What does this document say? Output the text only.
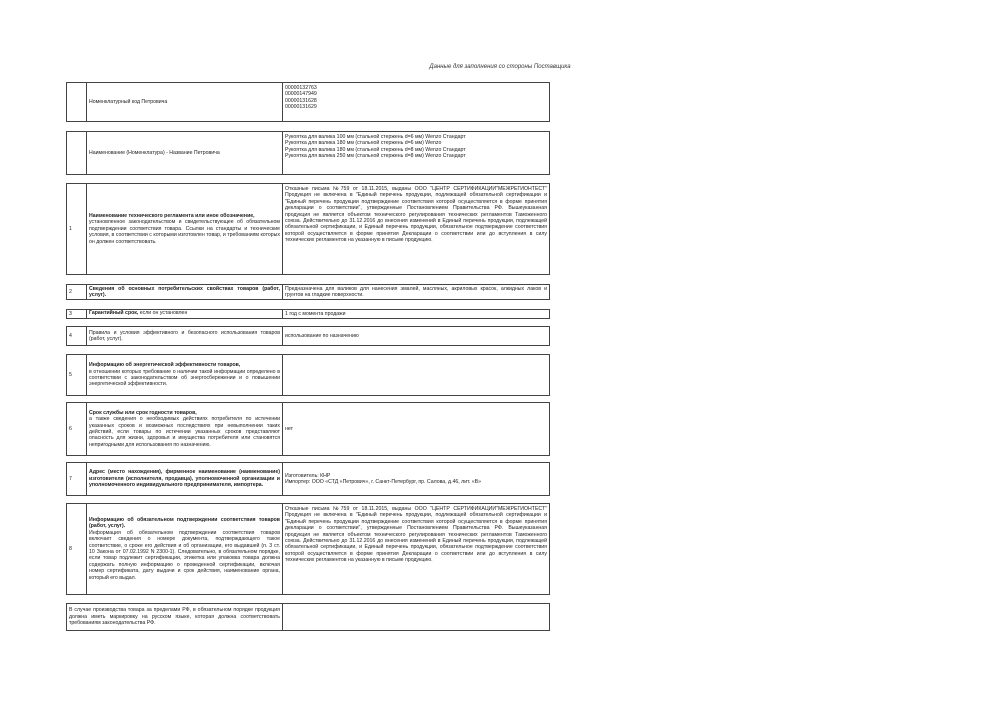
Данные для заполнения со стороны Поставщика
Номенклатурный код Петровича
00000132763
00000147949
00000131628
00000131629
Наименование (Номенклатура) - Название Петровича
Рукоятка для валика 100 мм (стальной стержень d=6 мм) Wenzo Стандарт
Рукоятка для валика 180 мм (стальной стержень d=6 мм) Wenzo
Рукоятка для валика 180 мм (стальной стержень d=8 мм) Wenzo Стандарт
Рукоятка для валика 250 мм (стальной стержень d=8 мм) Wenzo Стандарт
1
Наименование технического регламента или иное обозначение,
установленное законодательством и свидетельствующее об обязательном подтверждении соответствия товара. Ссылки на стандарты и технические условия, в соответствии с которыми изготовлен товар, и требованиям которых он должен соответствовать.
Отказные письма №759 от 18.11.2015, выданы ООО "ЦЕНТР СЕРТИФИКАЦИИ"МЕЖРЕГИОНТЕСТ" Продукция не включена в "Единый перечень продукции, подлежащей обязательной сертификации и "Единый перечень продукции подтверждение соответствия которой осуществляется в форме принятия декларации о соответствии", утвержденные Постановлением Правительства РФ. Вышеуказанная продукция не является объектом технического регулирования технических регламентов Таможенного союза. Действительно до 31.12.2016 до внесения изменений в Единый перечень продукции, подлежащей обязательной сертификации, и Единый перечень продукции, обязательное подтверждение соответствия которой осуществляется в форме принятия Декларации о соответствии или до вступления в силу технических регламентов на указанную в письме продукцию.
2
Сведения об основных потребительских свойствах товаров (работ, услуг).
Предназначена для валиков для нанесения эмалей, масляных, акриловых красок, алкидных лаков и грунтов на гладкие поверхности.
3	Гарантийный срок,
если он установлен	1 год с момента продажи
4
Правила и условия эффективного и безопасного использования товаров (работ, услуг).
использование по назначению
5
Информацию об энергетической эффективности товаров,
в отношении которых требование о наличии такой информации определено в соответствии с законодательством об энергосбережении и о повышении энергетической эффективности.
6
Срок службы или срок годности товаров,
а также сведения о необходимых действиях потребителя по истечении указанных сроков и возможных последствиях при невыполнении таких действий, если товары по истечении указанных сроков представляют опасность для жизни, здоровья и имущества потребителя или становятся непригодными для использования по назначению.
нет
7
Адрес (место нахождения), фирменное наименование (наименование) изготовителя (исполнителя, продавца), уполномоченной организации и уполномоченного индивидуального предпринимателя, импортера.
Изготовитель: КНР
Импортер: ООО «СТД «Петрович», г. Санкт-Петербург, пр. Салова, д.46, лит. «В»
8
Информацию об обязательном подтверждении соответствия товаров (работ, услуг).
Информация об обязательном подтверждении соответствия товаров включает сведения о номере документа, подтверждающего такое соответствие, о сроке его действия и об организации, его выдавшей (п. 3 ст. 10 Закона от 07.02.1992 N 2300-1). Следовательно, в обязательном порядке, если товар подлежит сертификации, этикетка или упаковка товара должна содержать полную информацию о проведенной сертификации, включая номер сертификата, дату выдачи и срок действия, наименование органа, который его выдал.
Отказные письма №759 от 18.11.2015, выданы ООО "ЦЕНТР СЕРТИФИКАЦИИ"МЕЖРЕГИОНТЕСТ" Продукция не включена в "Единый перечень продукции, подлежащей обязательной сертификации и "Единый перечень продукции подтверждение соответствия которой осуществляется в форме принятия декларации о соответствии", утвержденные Постановлением Правительства РФ. Вышеуказанная продукция не является объектом технического регулирования технических регламентов Таможенного союза. Действительно до 31.12.2016 до внесения изменений в Единый перечень продукции, подлежащей обязательной сертификации, и Единый перечень продукции, обязательное подтверждение соответствия которой осуществляется в форме принятия Декларации о соответствии или до вступления в силу технических регламентов на указанную в письме продукцию.
В случае производства товара за пределами РФ, в обязательном порядке продукция должна иметь маркировку на русском языке, которая должна соответствовать требованиям законодательства РФ.
